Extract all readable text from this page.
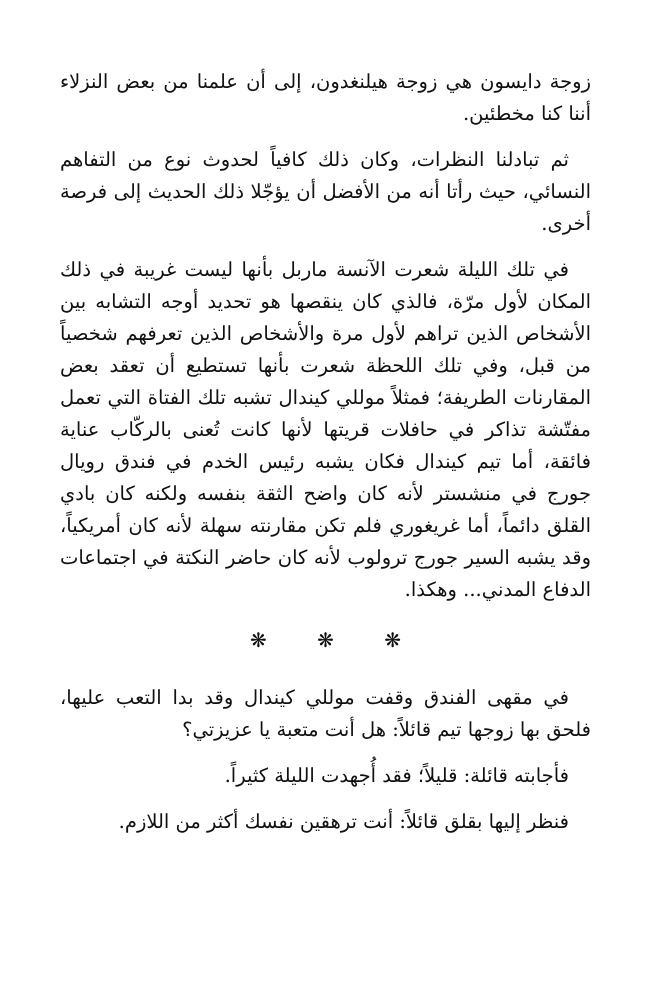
زوجة دايسون هي زوجة هيلنغدون، إلى أن علمنا من بعض النزلاء أننا كنا مخطئين.

ثم تبادلنا النظرات، وكان ذلك كافياً لحدوث نوع من التفاهم النسائي، حيث رأتا أنه من الأفضل أن يؤجّلا ذلك الحديث إلى فرصة أخرى.

في تلك الليلة شعرت الآنسة ماربل بأنها ليست غريبة في ذلك المكان لأول مرّة، فالذي كان ينقصها هو تحديد أوجه التشابه بين الأشخاص الذين تراهم لأول مرة والأشخاص الذين تعرفهم شخصياً من قبل، وفي تلك اللحظة شعرت بأنها تستطيع أن تعقد بعض المقارنات الطريفة؛ فمثلاً موللي كيندال تشبه تلك الفتاة التي تعمل مفتّشة تذاكر في حافلات قريتها لأنها كانت تُعنى بالركّاب عناية فائقة، أما تيم كيندال فكان يشبه رئيس الخدم في فندق رويال جورج في منشستر لأنه كان واضح الثقة بنفسه ولكنه كان بادي القلق دائماً، أما غريغوري فلم تكن مقارنته سهلة لأنه كان أمريكياً، وقد يشبه السير جورج ترولوب لأنه كان حاضر النكتة في اجتماعات الدفاع المدني... وهكذا.

❋ ❋ ❋

في مقهى الفندق وقفت موللي كيندال وقد بدا التعب عليها، فلحق بها زوجها تيم قائلاً: هل أنت متعبة يا عزيزتي؟

فأجابته قائلة: قليلاً؛ فقد أُجهدت الليلة كثيراً.

فنظر إليها بقلق قائلاً: أنت ترهقين نفسك أكثر من اللازم.
